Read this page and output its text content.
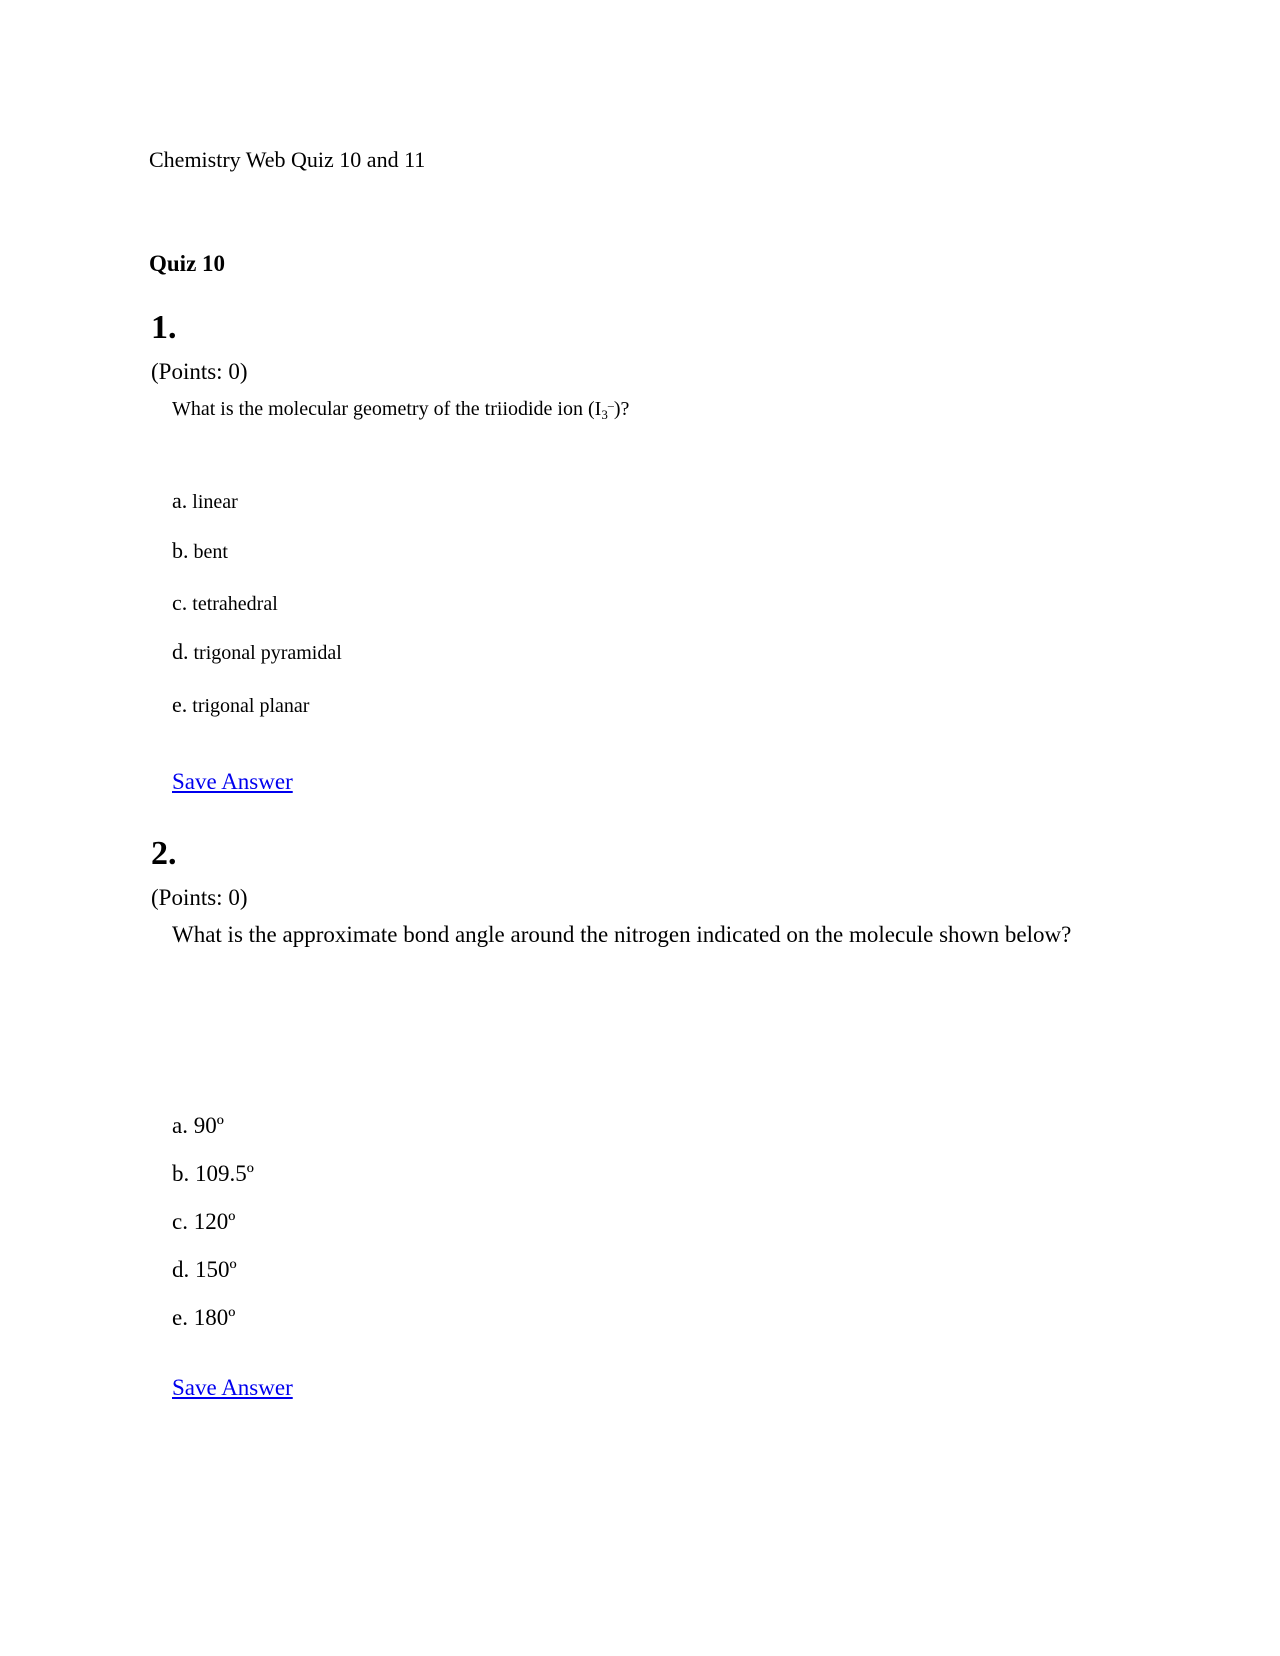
Chemistry Web Quiz 10 and 11
Quiz 10
1.
(Points: 0)
What is the molecular geometry of the triiodide ion $(I_3^-)$?
a. linear
b. bent
c. tetrahedral
d. trigonal pyramidal
e. trigonal planar
Save Answer
2.
(Points: 0)
What is the approximate bond angle around the nitrogen indicated on the molecule shown below?
a. 90º
b. 109.5º
c. 120º
d. 150º
e. 180º
Save Answer
